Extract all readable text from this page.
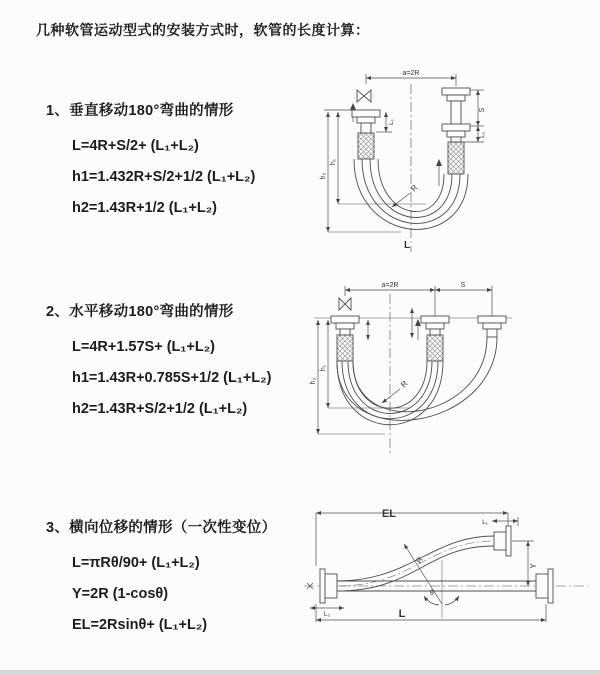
几种软管运动型式的安装方式时，软管的长度计算：
1、垂直移动180°弯曲的情形
L=4R+S/2+ (L₁+L₂)
h1=1.432R+S/2+1/2 (L₁+L₂)
h2=1.43R+1/2 (L₁+L₂)
2、水平移动180°弯曲的情形
L=4R+1.57S+ (L₁+L₂)
h1=1.43R+0.785S+1/2 (L₁+L₂)
h2=1.43R+S/2+1/2 (L₁+L₂)
3、横向位移的情形（一次性变位）
L=πRθ/90+ (L₁+L₂)
Y=2R (1-cosθ)
EL=2Rsinθ+ (L₁+L₂)
a=2R
S
L₁
L₁
h₁
h₂
R
L
a=2R	S
h₁
h₂	R
EL
L₁
Y
R
θ
L
L₂
